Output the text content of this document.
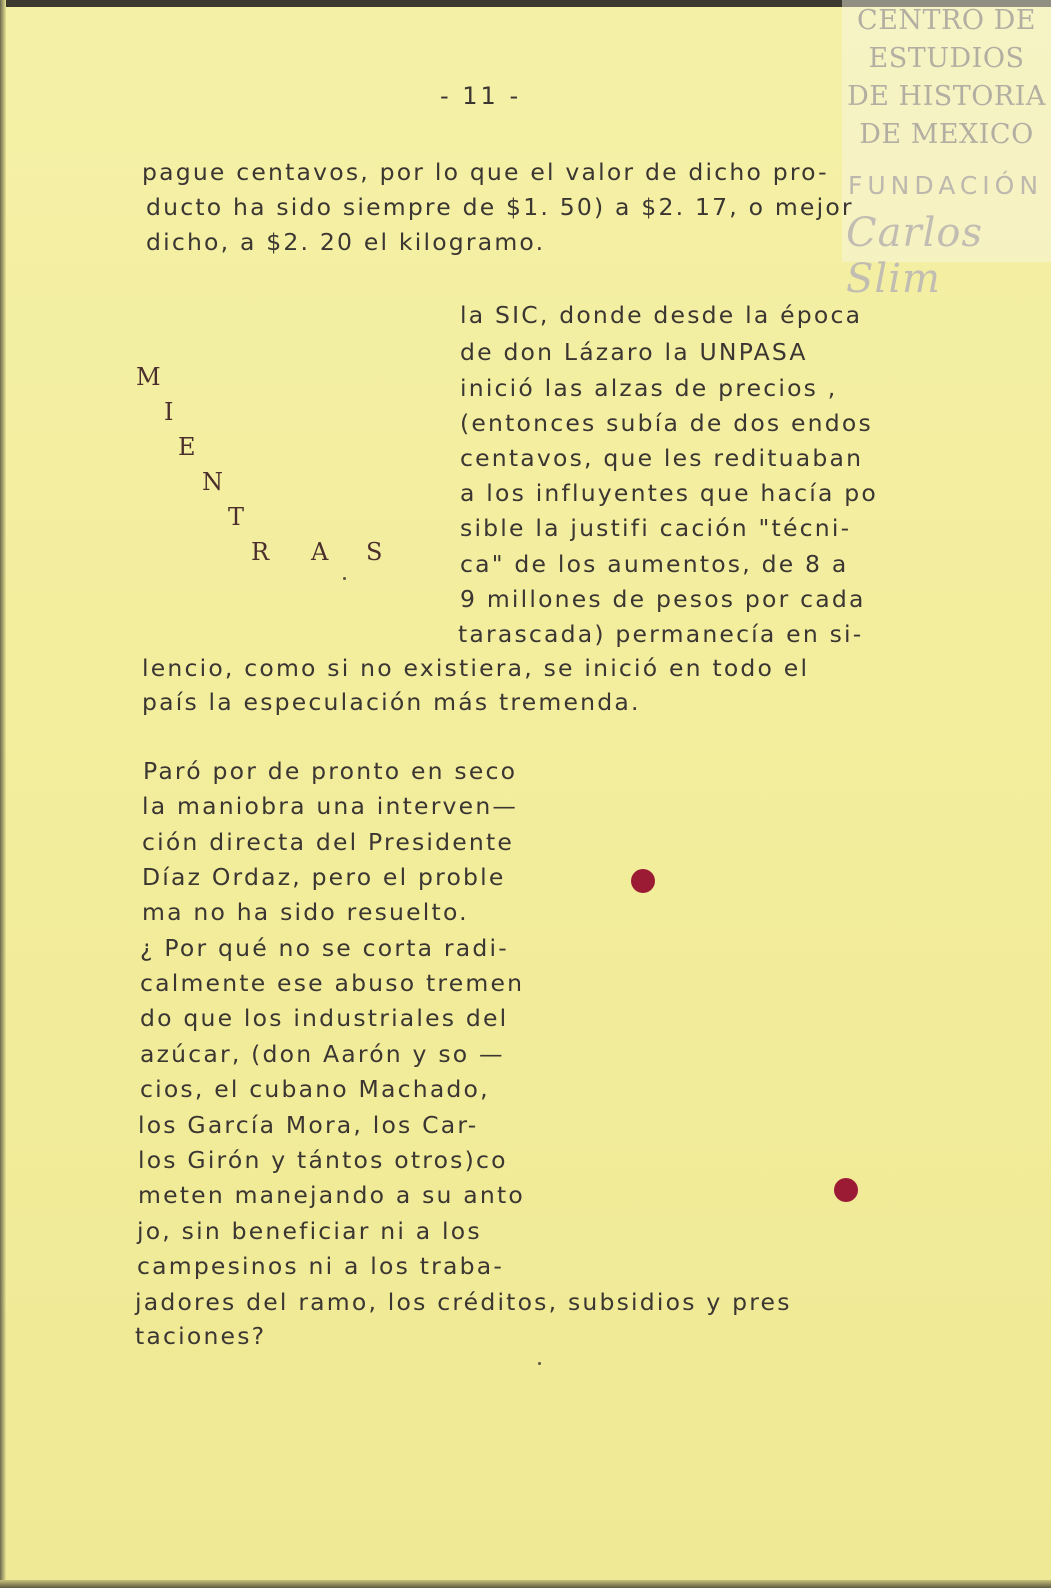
CENTRO DE
ESTUDIOS
DE HISTORIA
DE MEXICO
FUNDACIÓN
Carlos Slim
- 11 -
pague centavos, por lo que el valor de dicho pro-
ducto ha sido siempre de $1. 50) a $2. 17, o mejor
dicho, a $2. 20 el kilogramo.
M
I
E
N
T
R A S
la SIC, donde desde la época
de don Lázaro la UNPASA
inició las alzas de precios ,
(entonces subía de dos endos
centavos, que les redituaban
a los influyentes que hacía po
sible la justifi cación "técni-
ca" de los aumentos, de 8 a
9 millones de pesos por cada
tarascada) permanecía en si-
lencio, como si no existiera, se inició en todo el
país la especulación más tremenda.
Paró por de pronto en seco
la maniobra una interven—
ción directa del Presidente
Díaz Ordaz, pero el proble
ma no ha sido resuelto.
¿ Por qué no se corta radi-
calmente ese abuso tremen
do que los industriales del
azúcar, (don Aarón y so —
cios, el cubano Machado,
los García Mora, los Car-
los Girón y tántos otros)co
meten manejando a su anto
jo, sin beneficiar ni a los
campesinos ni a los traba-
jadores del ramo, los créditos, subsidios y pres
taciones?
